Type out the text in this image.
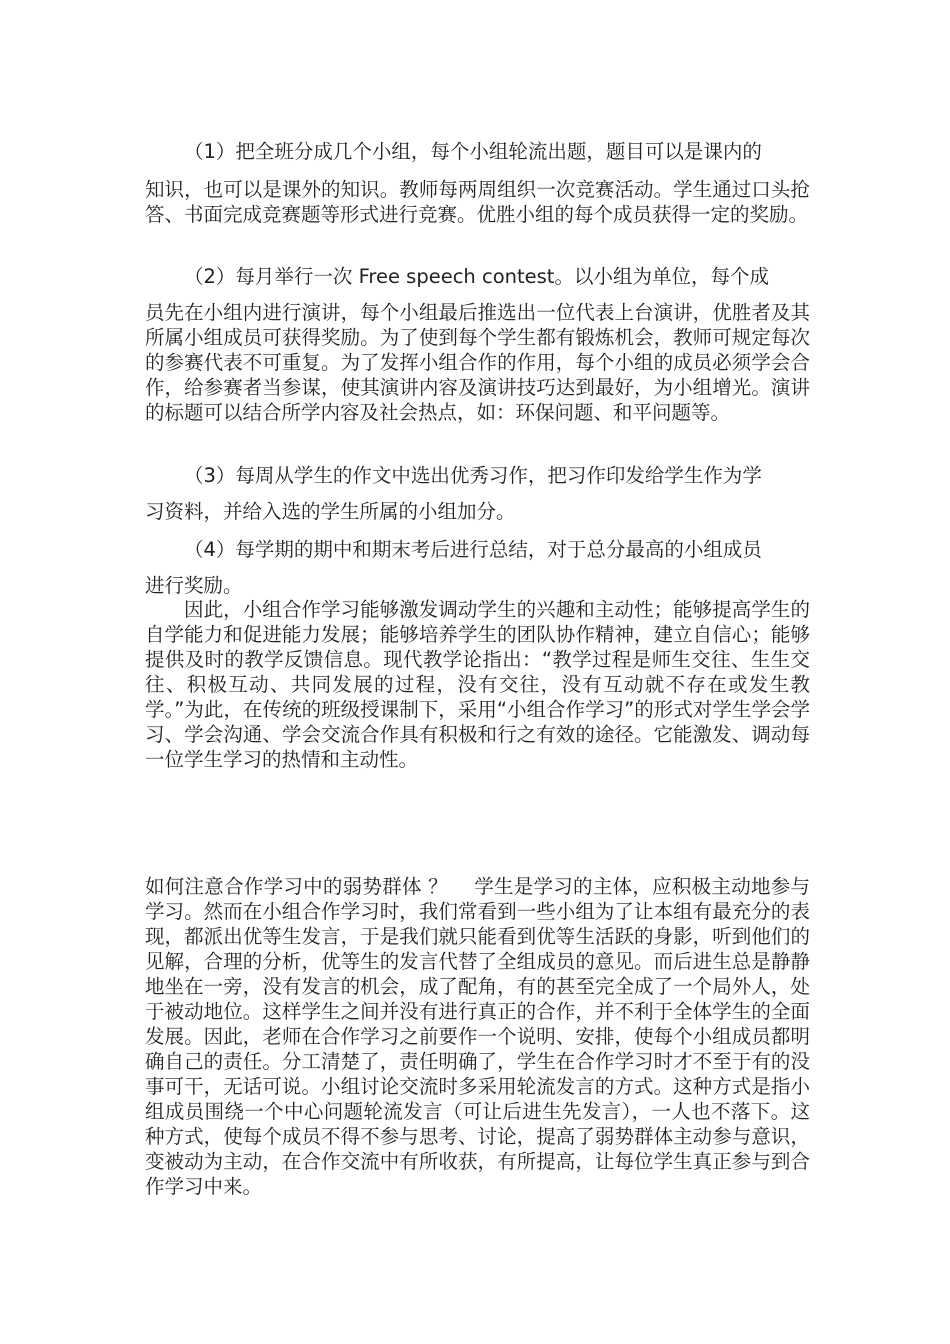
（1）把全班分成几个小组，每个小组轮流出题，题目可以是课内的

知识，也可以是课外的知识。教师每两周组织一次竞赛活动。学生通过口头抢答、书面完成竞赛题等形式进行竞赛。优胜小组的每个成员获得一定的奖励。

（2）每月举行一次 Free speech contest。以小组为单位，每个成

员先在小组内进行演讲，每个小组最后推选出一位代表上台演讲，优胜者及其所属小组成员可获得奖励。为了使到每个学生都有锻炼机会，教师可规定每次的参赛代表不可重复。为了发挥小组合作的作用，每个小组的成员必须学会合作，给参赛者当参谋，使其演讲内容及演讲技巧达到最好，为小组增光。演讲的标题可以结合所学内容及社会热点，如：环保问题、和平问题等。

（3）每周从学生的作文中选出优秀习作，把习作印发给学生作为学

习资料，并给入选的学生所属的小组加分。

（4）每学期的期中和期末考后进行总结，对于总分最高的小组成员

进行奖励。

因此，小组合作学习能够激发调动学生的兴趣和主动性；能够提高学生的自学能力和促进能力发展；能够培养学生的团队协作精神，建立自信心；能够提供及时的教学反馈信息。现代教学论指出：“教学过程是师生交往、生生交往、积极互动、共同发展的过程，没有交往，没有互动就不存在或发生教学。”为此，在传统的班级授课制下，采用“小组合作学习”的形式对学生学会学习、学会沟通、学会交流合作具有积极和行之有效的途径。它能激发、调动每一位学生学习的热情和主动性。

如何注意合作学习中的弱势群体 ？　 学生是学习的主体，应积极主动地参与学习。然而在小组合作学习时，我们常看到一些小组为了让本组有最充分的表现，都派出优等生发言，于是我们就只能看到优等生活跃的身影，听到他们的见解，合理的分析，优等生的发言代替了全组成员的意见。而后进生总是静静地坐在一旁，没有发言的机会，成了配角，有的甚至完全成了一个局外人，处于被动地位。这样学生之间并没有进行真正的合作，并不利于全体学生的全面发展。因此，老师在合作学习之前要作一个说明、安排，使每个小组成员都明确自己的责任。分工清楚了，责任明确了，学生在合作学习时才不至于有的没事可干，无话可说。小组讨论交流时多采用轮流发言的方式。这种方式是指小组成员围绕一个中心问题轮流发言（可让后进生先发言），一人也不落下。这种方式，使每个成员不得不参与思考、讨论，提高了弱势群体主动参与意识，变被动为主动，在合作交流中有所收获，有所提高，让每位学生真正参与到合作学习中来。
